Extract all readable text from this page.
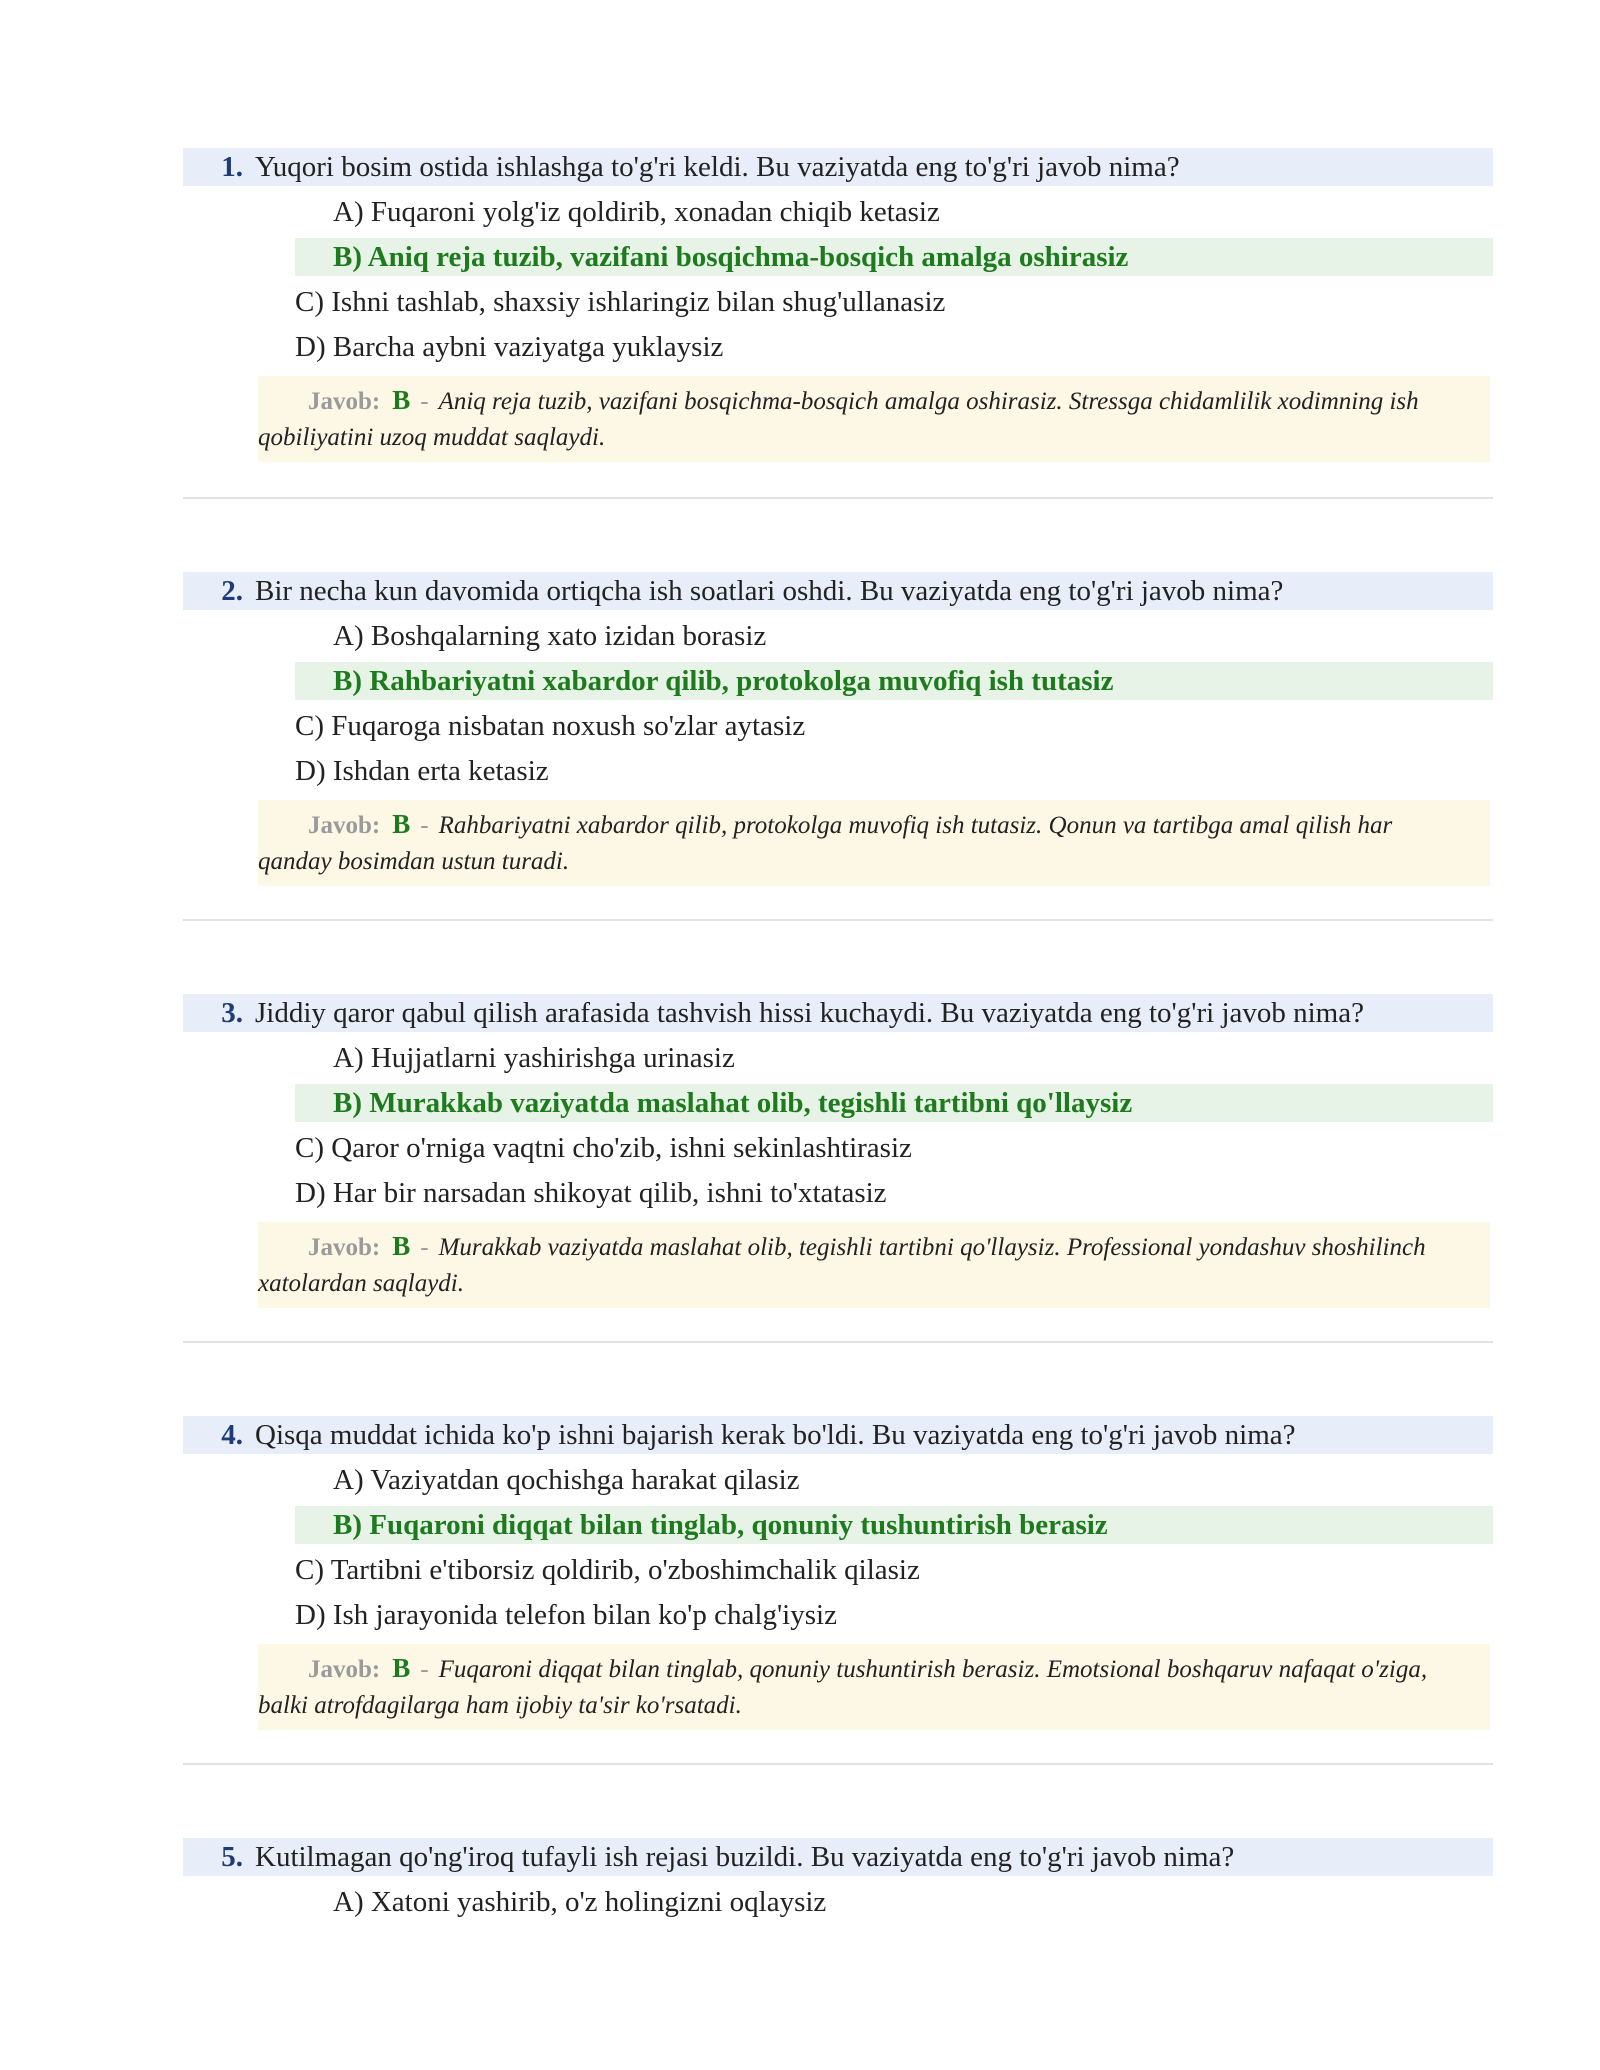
1. Yuqori bosim ostida ishlashga to'g'ri keldi. Bu vaziyatda eng to'g'ri javob nima?
A) Fuqaroni yolg'iz qoldirib, xonadan chiqib ketasiz
B) Aniq reja tuzib, vazifani bosqichma-bosqich amalga oshirasiz
C) Ishni tashlab, shaxsiy ishlaringiz bilan shug'ullanasiz
D) Barcha aybni vaziyatga yuklaysiz
Javob: B - Aniq reja tuzib, vazifani bosqichma-bosqich amalga oshirasiz. Stressga chidamlilik xodimning ish qobiliyatini uzoq muddat saqlaydi.
2. Bir necha kun davomida ortiqcha ish soatlari oshdi. Bu vaziyatda eng to'g'ri javob nima?
A) Boshqalarning xato izidan borasiz
B) Rahbariyatni xabardor qilib, protokolga muvofiq ish tutasiz
C) Fuqaroga nisbatan noxush so'zlar aytasiz
D) Ishdan erta ketasiz
Javob: B - Rahbariyatni xabardor qilib, protokolga muvofiq ish tutasiz. Qonun va tartibga amal qilish har qanday bosimdan ustun turadi.
3. Jiddiy qaror qabul qilish arafasida tashvish hissi kuchaydi. Bu vaziyatda eng to'g'ri javob nima?
A) Hujjatlarni yashirishga urinasiz
B) Murakkab vaziyatda maslahat olib, tegishli tartibni qo'llaysiz
C) Qaror o'rniga vaqtni cho'zib, ishni sekinlashtirasiz
D) Har bir narsadan shikoyat qilib, ishni to'xtatasiz
Javob: B - Murakkab vaziyatda maslahat olib, tegishli tartibni qo'llaysiz. Professional yondashuv shoshilinch xatolardan saqlaydi.
4. Qisqa muddat ichida ko'p ishni bajarish kerak bo'ldi. Bu vaziyatda eng to'g'ri javob nima?
A) Vaziyatdan qochishga harakat qilasiz
B) Fuqaroni diqqat bilan tinglab, qonuniy tushuntirish berasiz
C) Tartibni e'tiborsiz qoldirib, o'zboshimchalik qilasiz
D) Ish jarayonida telefon bilan ko'p chalg'iysiz
Javob: B - Fuqaroni diqqat bilan tinglab, qonuniy tushuntirish berasiz. Emotsional boshqaruv nafaqat o'ziga, balki atrofdagilarga ham ijobiy ta'sir ko'rsatadi.
5. Kutilmagan qo'ng'iroq tufayli ish rejasi buzildi. Bu vaziyatda eng to'g'ri javob nima?
A) Xatoni yashirib, o'z holingizni oqlaysiz
